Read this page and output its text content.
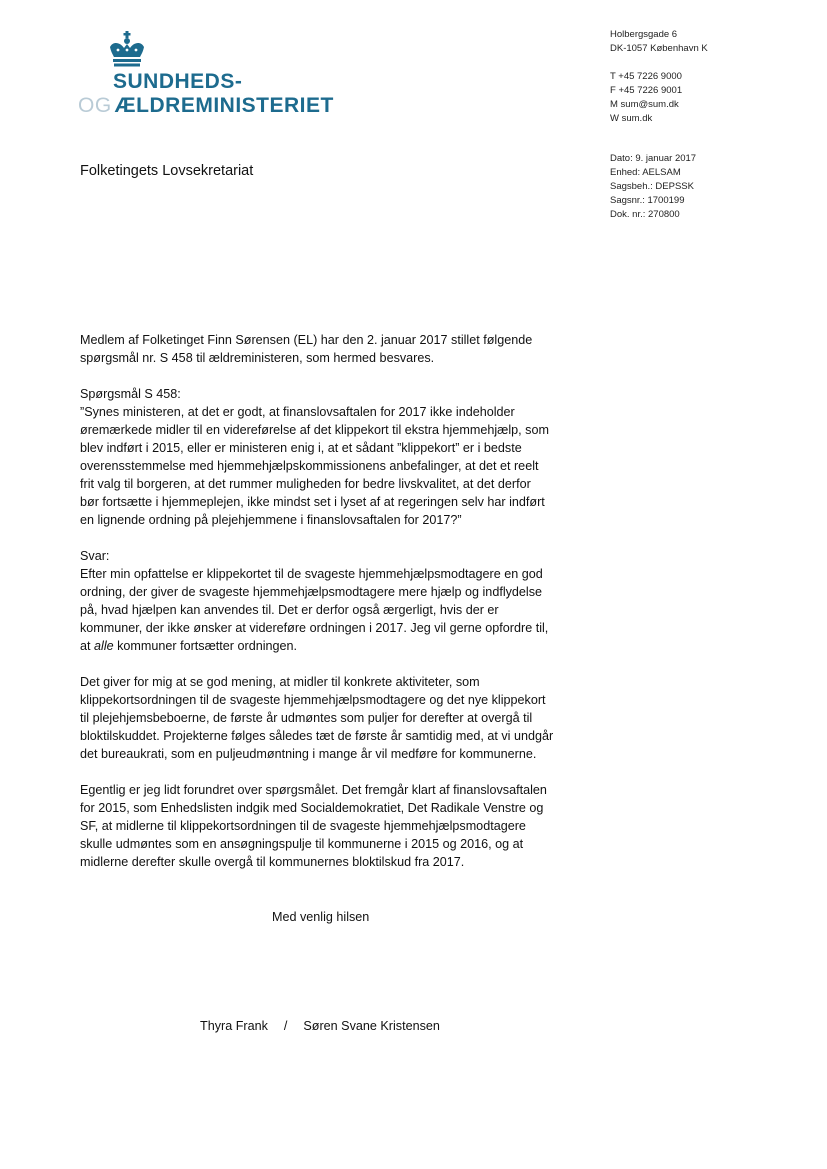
SUNDHEDS-
OG ÆLDREMINISTERIET
Holbergsgade 6
DK-1057 København K
T +45 7226 9000
F +45 7226 9001
M sum@sum.dk
W sum.dk
Dato: 9. januar 2017
Enhed: AELSAM
Sagsbeh.: DEPSSK
Sagsnr.: 1700199
Dok. nr.: 270800
Folketingets Lovsekretariat
Medlem af Folketinget Finn Sørensen (EL) har den 2. januar 2017 stillet følgende
spørgsmål nr. S 458 til ældreministeren, som hermed besvares.
Spørgsmål S 458:
”Synes ministeren, at det er godt, at finanslovsaftalen for 2017 ikke indeholder
øremærkede midler til en videreførelse af det klippekort til ekstra hjemmehjælp, som
blev indført i 2015, eller er ministeren enig i, at et sådant ”klippekort” er i bedste
overensstemmelse med hjemmehjælpskommissionens anbefalinger, at det et reelt
frit valg til borgeren, at det rummer muligheden for bedre livskvalitet, at det derfor
bør fortsætte i hjemmeplejen, ikke mindst set i lyset af at regeringen selv har indført
en lignende ordning på plejehjemmene i finanslovsaftalen for 2017?”
Svar:
Efter min opfattelse er klippekortet til de svageste hjemmehjælpsmodtagere en god
ordning, der giver de svageste hjemmehjælpsmodtagere mere hjælp og indflydelse
på, hvad hjælpen kan anvendes til. Det er derfor også ærgerligt, hvis der er
kommuner, der ikke ønsker at videreføre ordningen i 2017. Jeg vil gerne opfordre til,
at alle kommuner fortsætter ordningen.
Det giver for mig at se god mening, at midler til konkrete aktiviteter, som
klippekortsordningen til de svageste hjemmehjælpsmodtagere og det nye klippekort
til plejehjemsbeboerne, de første år udmøntes som puljer for derefter at overgå til
bloktilskuddet. Projekterne følges således tæt de første år samtidig med, at vi undgår
det bureaukrati, som en puljeudmøntning i mange år vil medføre for kommunerne.
Egentlig er jeg lidt forundret over spørgsmålet. Det fremgår klart af finanslovsaftalen
for 2015, som Enhedslisten indgik med Socialdemokratiet, Det Radikale Venstre og
SF, at midlerne til klippekortsordningen til de svageste hjemmehjælpsmodtagere
skulle udmøntes som en ansøgningspulje til kommunerne i 2015 og 2016, og at
midlerne derefter skulle overgå til kommunernes bloktilskud fra 2017.
Med venlig hilsen
Thyra Frank / Søren Svane Kristensen
